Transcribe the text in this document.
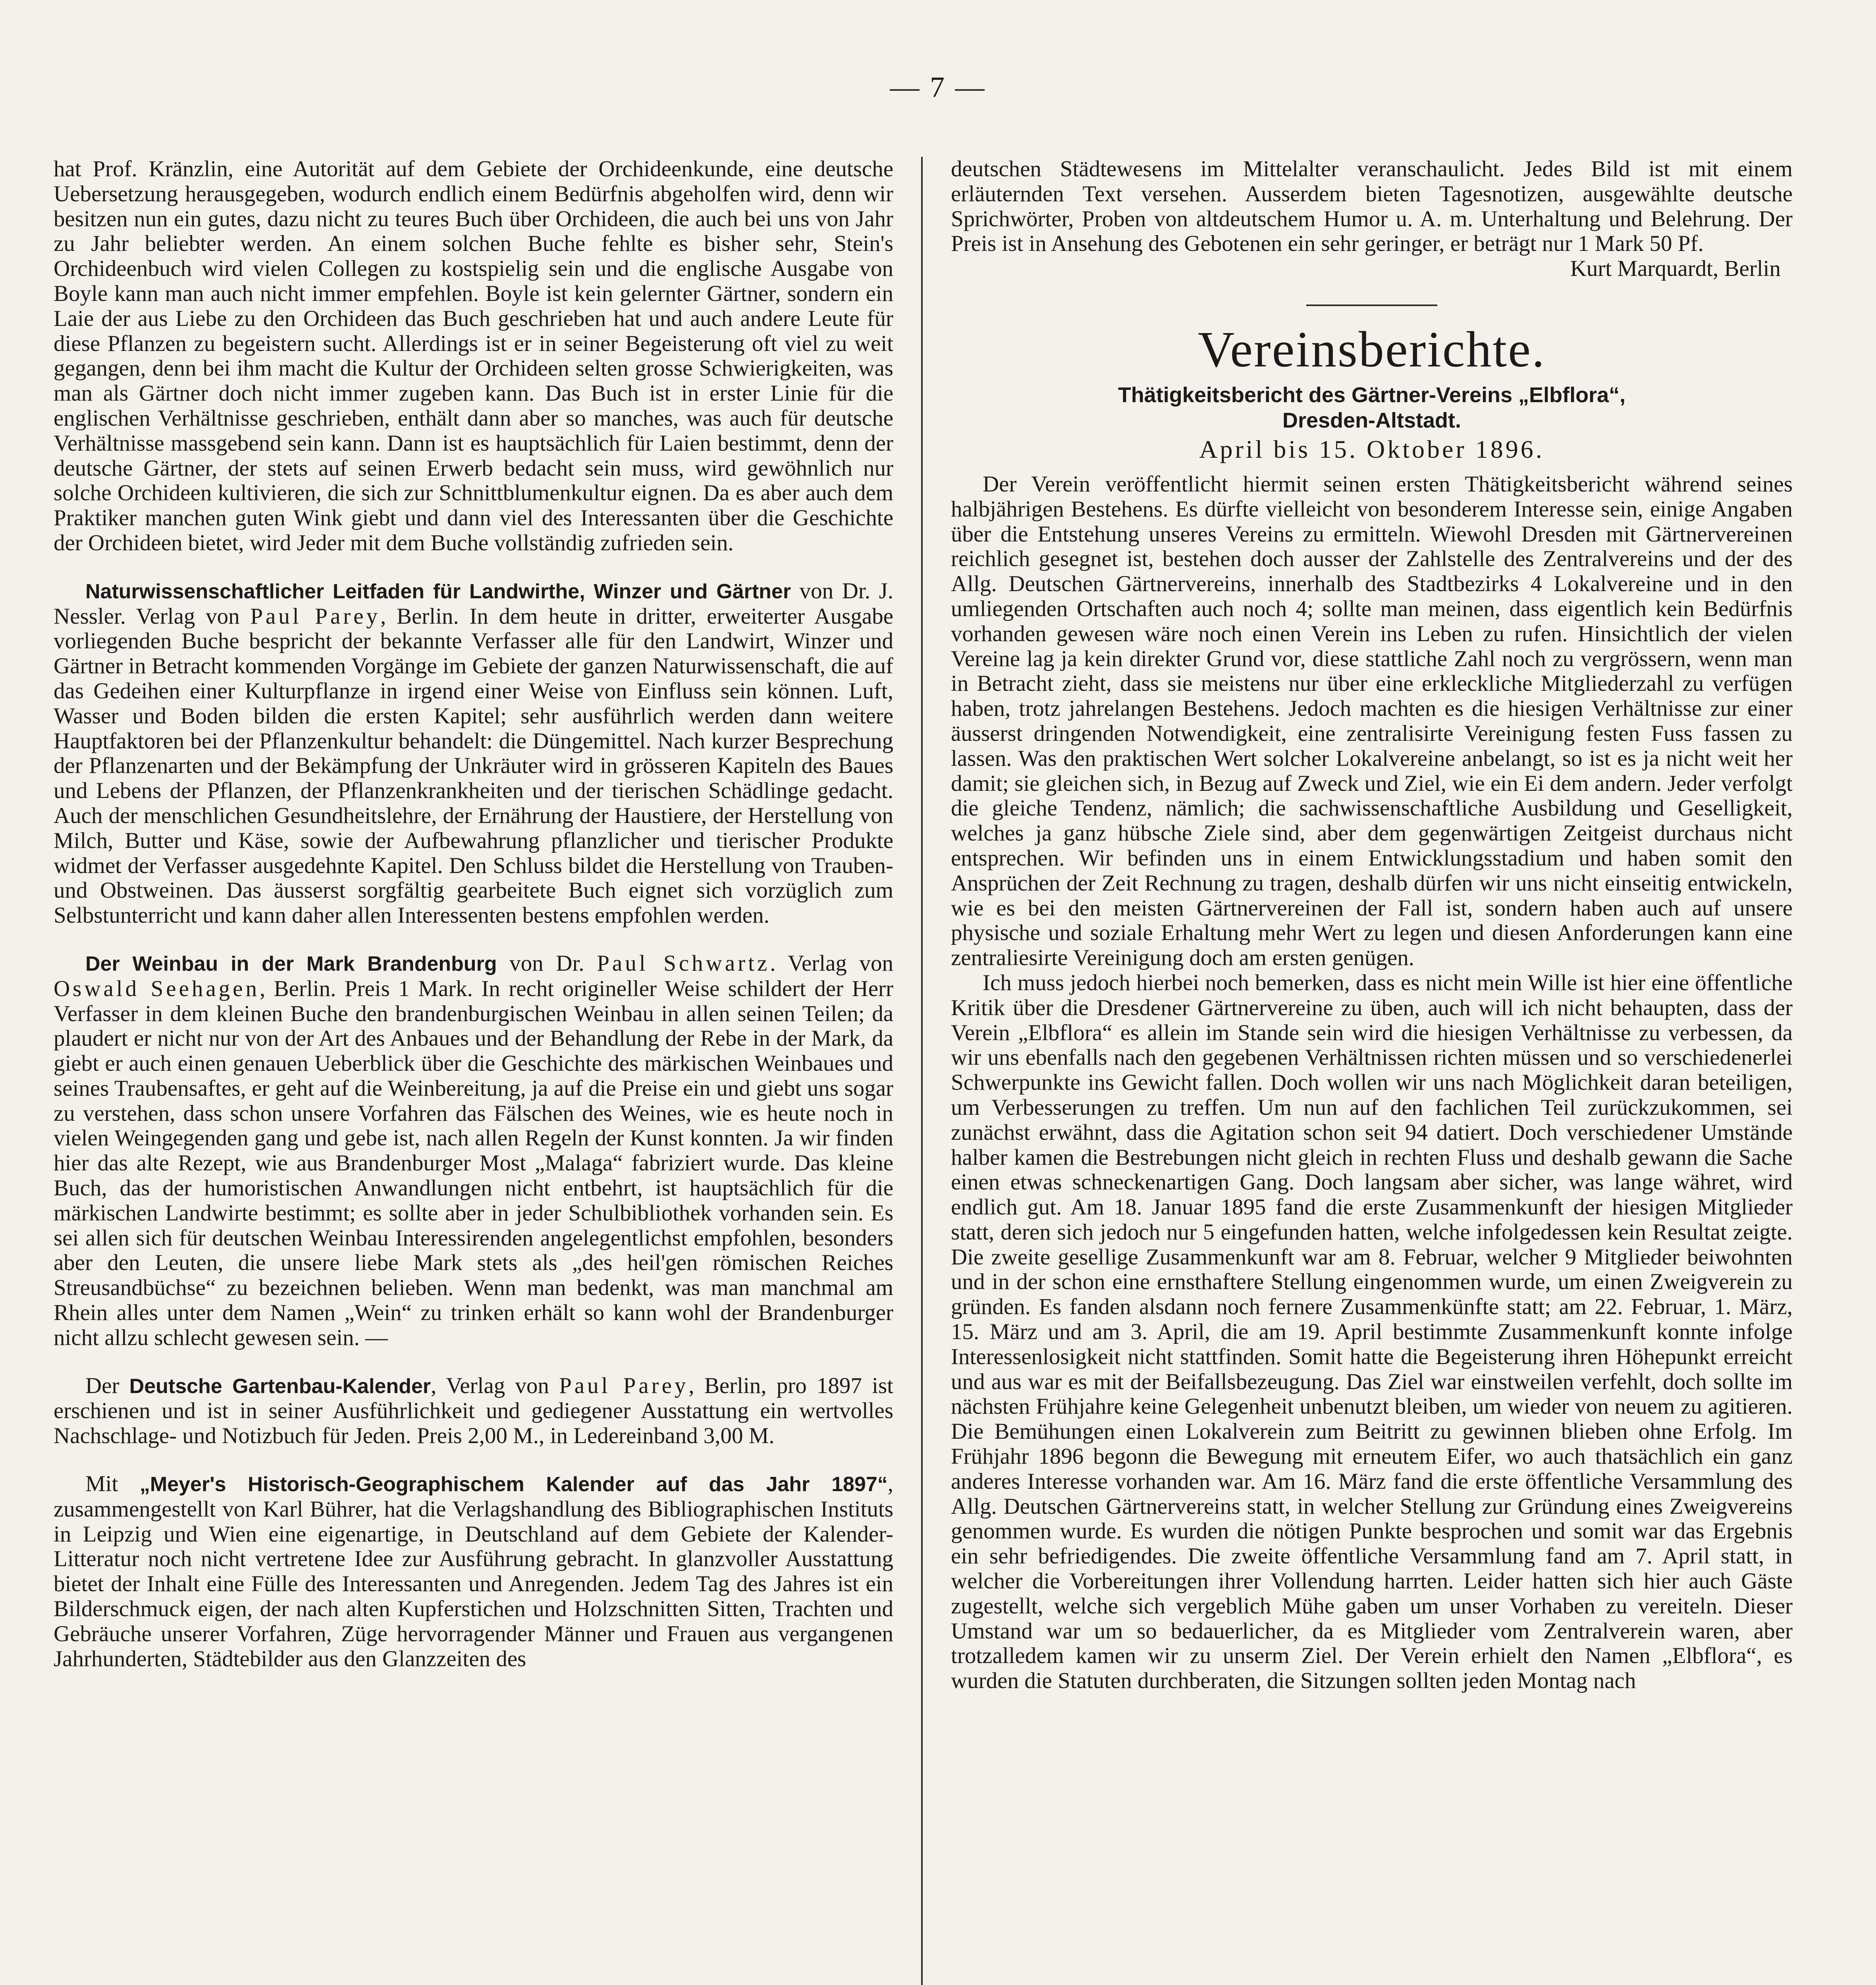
— 7 —

hat Prof. Kränzlin, eine Autorität auf dem Gebiete der Orchideenkunde, eine deutsche Uebersetzung herausgegeben, wodurch endlich einem Bedürfnis abgeholfen wird, denn wir besitzen nun ein gutes, dazu nicht zu teures Buch über Orchideen, die auch bei uns von Jahr zu Jahr beliebter werden. An einem solchen Buche fehlte es bisher sehr, Stein's Orchideenbuch wird vielen Collegen zu kostspielig sein und die englische Ausgabe von Boyle kann man auch nicht immer empfehlen. Boyle ist kein gelernter Gärtner, sondern ein Laie der aus Liebe zu den Orchideen das Buch geschrieben hat und auch andere Leute für diese Pflanzen zu begeistern sucht. Allerdings ist er in seiner Begeisterung oft viel zu weit gegangen, denn bei ihm macht die Kultur der Orchideen selten grosse Schwierigkeiten, was man als Gärtner doch nicht immer zugeben kann. Das Buch ist in erster Linie für die englischen Verhältnisse geschrieben, enthält dann aber so manches, was auch für deutsche Verhältnisse massgebend sein kann. Dann ist es hauptsächlich für Laien bestimmt, denn der deutsche Gärtner, der stets auf seinen Erwerb bedacht sein muss, wird gewöhnlich nur solche Orchideen kultivieren, die sich zur Schnittblumenkultur eignen. Da es aber auch dem Praktiker manchen guten Wink giebt und dann viel des Interessanten über die Geschichte der Orchideen bietet, wird Jeder mit dem Buche vollständig zufrieden sein.

Naturwissenschaftlicher Leitfaden für Landwirthe, Winzer und Gärtner von Dr. J. Nessler. Verlag von Paul Parey, Berlin. In dem heute in dritter, erweiterter Ausgabe vorliegenden Buche bespricht der bekannte Verfasser alle für den Landwirt, Winzer und Gärtner in Betracht kommenden Vorgänge im Gebiete der ganzen Naturwissenschaft, die auf das Gedeihen einer Kulturpflanze in irgend einer Weise von Einfluss sein können. Luft, Wasser und Boden bilden die ersten Kapitel; sehr ausführlich werden dann weitere Hauptfaktoren bei der Pflanzenkultur behandelt: die Düngemittel. Nach kurzer Besprechung der Pflanzenarten und der Bekämpfung der Unkräuter wird in grösseren Kapiteln des Baues und Lebens der Pflanzen, der Pflanzenkrankheiten und der tierischen Schädlinge gedacht. Auch der menschlichen Gesundheitslehre, der Ernährung der Haustiere, der Herstellung von Milch, Butter und Käse, sowie der Aufbewahrung pflanzlicher und tierischer Produkte widmet der Verfasser ausgedehnte Kapitel. Den Schluss bildet die Herstellung von Trauben- und Obstweinen. Das äusserst sorgfältig gearbeitete Buch eignet sich vorzüglich zum Selbstunterricht und kann daher allen Interessenten bestens empfohlen werden.

Der Weinbau in der Mark Brandenburg von Dr. Paul Schwartz. Verlag von Oswald Seehagen, Berlin. Preis 1 Mark. In recht origineller Weise schildert der Herr Verfasser in dem kleinen Buche den brandenburgischen Weinbau in allen seinen Teilen; da plaudert er nicht nur von der Art des Anbaues und der Behandlung der Rebe in der Mark, da giebt er auch einen genauen Ueberblick über die Geschichte des märkischen Weinbaues und seines Traubensaftes, er geht auf die Weinbereitung, ja auf die Preise ein und giebt uns sogar zu verstehen, dass schon unsere Vorfahren das Fälschen des Weines, wie es heute noch in vielen Weingegenden gang und gebe ist, nach allen Regeln der Kunst konnten. Ja wir finden hier das alte Rezept, wie aus Brandenburger Most „Malaga“ fabriziert wurde. Das kleine Buch, das der humoristischen Anwandlungen nicht entbehrt, ist hauptsächlich für die märkischen Landwirte bestimmt; es sollte aber in jeder Schulbibliothek vorhanden sein. Es sei allen sich für deutschen Weinbau Interessirenden angelegentlichst empfohlen, besonders aber den Leuten, die unsere liebe Mark stets als „des heil'gen römischen Reiches Streusandbüchse“ zu bezeichnen belieben. Wenn man bedenkt, was man manchmal am Rhein alles unter dem Namen „Wein“ zu trinken erhält so kann wohl der Brandenburger nicht allzu schlecht gewesen sein. —

Der Deutsche Gartenbau-Kalender, Verlag von Paul Parey, Berlin, pro 1897 ist erschienen und ist in seiner Ausführlichkeit und gediegener Ausstattung ein wertvolles Nachschlage- und Notizbuch für Jeden. Preis 2,00 M., in Ledereinband 3,00 M.

Mit „Meyer's Historisch-Geographischem Kalender auf das Jahr 1897“, zusammengestellt von Karl Bührer, hat die Verlagshandlung des Bibliographischen Instituts in Leipzig und Wien eine eigenartige, in Deutschland auf dem Gebiete der Kalender-Litteratur noch nicht vertretene Idee zur Ausführung gebracht. In glanzvoller Ausstattung bietet der Inhalt eine Fülle des Interessanten und Anregenden. Jedem Tag des Jahres ist ein Bilderschmuck eigen, der nach alten Kupferstichen und Holzschnitten Sitten, Trachten und Gebräuche unserer Vorfahren, Züge hervorragender Männer und Frauen aus vergangenen Jahrhunderten, Städtebilder aus den Glanzzeiten des

deutschen Städtewesens im Mittelalter veranschaulicht. Jedes Bild ist mit einem erläuternden Text versehen. Ausserdem bieten Tagesnotizen, ausgewählte deutsche Sprichwörter, Proben von altdeutschem Humor u. A. m. Unterhaltung und Belehrung. Der Preis ist in Ansehung des Gebotenen ein sehr geringer, er beträgt nur 1 Mark 50 Pf.

Kurt Marquardt, Berlin

Vereinsberichte.
Thätigkeitsbericht des Gärtner-Vereins „Elbflora“,
Dresden-Altstadt.
April bis 15. Oktober 1896.

Der Verein veröffentlicht hiermit seinen ersten Thätigkeitsbericht während seines halbjährigen Bestehens. Es dürfte vielleicht von besonderem Interesse sein, einige Angaben über die Entstehung unseres Vereins zu ermitteln. Wiewohl Dresden mit Gärtnervereinen reichlich gesegnet ist, bestehen doch ausser der Zahlstelle des Zentralvereins und der des Allg. Deutschen Gärtnervereins, innerhalb des Stadtbezirks 4 Lokalvereine und in den umliegenden Ortschaften auch noch 4; sollte man meinen, dass eigentlich kein Bedürfnis vorhanden gewesen wäre noch einen Verein ins Leben zu rufen. Hinsichtlich der vielen Vereine lag ja kein direkter Grund vor, diese stattliche Zahl noch zu vergrössern, wenn man in Betracht zieht, dass sie meistens nur über eine erkleckliche Mitgliederzahl zu verfügen haben, trotz jahrelangen Bestehens. Jedoch machten es die hiesigen Verhältnisse zur einer äusserst dringenden Notwendigkeit, eine zentralisirte Vereinigung festen Fuss fassen zu lassen. Was den praktischen Wert solcher Lokalvereine anbelangt, so ist es ja nicht weit her damit; sie gleichen sich, in Bezug auf Zweck und Ziel, wie ein Ei dem andern. Jeder verfolgt die gleiche Tendenz, nämlich; die sachwissenschaftliche Ausbildung und Geselligkeit, welches ja ganz hübsche Ziele sind, aber dem gegenwärtigen Zeitgeist durchaus nicht entsprechen. Wir befinden uns in einem Entwicklungsstadium und haben somit den Ansprüchen der Zeit Rechnung zu tragen, deshalb dürfen wir uns nicht einseitig entwickeln, wie es bei den meisten Gärtnervereinen der Fall ist, sondern haben auch auf unsere physische und soziale Erhaltung mehr Wert zu legen und diesen Anforderungen kann eine zentraliesirte Vereinigung doch am ersten genügen.

Ich muss jedoch hierbei noch bemerken, dass es nicht mein Wille ist hier eine öffentliche Kritik über die Dresdener Gärtnervereine zu üben, auch will ich nicht behaupten, dass der Verein „Elbflora“ es allein im Stande sein wird die hiesigen Verhältnisse zu verbessen, da wir uns ebenfalls nach den gegebenen Verhältnissen richten müssen und so verschiedenerlei Schwerpunkte ins Gewicht fallen. Doch wollen wir uns nach Möglichkeit daran beteiligen, um Verbesserungen zu treffen. Um nun auf den fachlichen Teil zurückzukommen, sei zunächst erwähnt, dass die Agitation schon seit 94 datiert. Doch verschiedener Umstände halber kamen die Bestrebungen nicht gleich in rechten Fluss und deshalb gewann die Sache einen etwas schneckenartigen Gang. Doch langsam aber sicher, was lange währet, wird endlich gut. Am 18. Januar 1895 fand die erste Zusammenkunft der hiesigen Mitglieder statt, deren sich jedoch nur 5 eingefunden hatten, welche infolgedessen kein Resultat zeigte. Die zweite gesellige Zusammenkunft war am 8. Februar, welcher 9 Mitglieder beiwohnten und in der schon eine ernsthaftere Stellung eingenommen wurde, um einen Zweigverein zu gründen. Es fanden alsdann noch fernere Zusammenkünfte statt; am 22. Februar, 1. März, 15. März und am 3. April, die am 19. April bestimmte Zusammenkunft konnte infolge Interessenlosigkeit nicht stattfinden. Somit hatte die Begeisterung ihren Höhepunkt erreicht und aus war es mit der Beifallsbezeugung. Das Ziel war einstweilen verfehlt, doch sollte im nächsten Frühjahre keine Gelegenheit unbenutzt bleiben, um wieder von neuem zu agitieren. Die Bemühungen einen Lokalverein zum Beitritt zu gewinnen blieben ohne Erfolg. Im Frühjahr 1896 begonn die Bewegung mit erneutem Eifer, wo auch thatsächlich ein ganz anderes Interesse vorhanden war. Am 16. März fand die erste öffentliche Versammlung des Allg. Deutschen Gärtnervereins statt, in welcher Stellung zur Gründung eines Zweigvereins genommen wurde. Es wurden die nötigen Punkte besprochen und somit war das Ergebnis ein sehr befriedigendes. Die zweite öffentliche Versammlung fand am 7. April statt, in welcher die Vorbereitungen ihrer Vollendung harrten. Leider hatten sich hier auch Gäste zugestellt, welche sich vergeblich Mühe gaben um unser Vorhaben zu vereiteln. Dieser Umstand war um so bedauerlicher, da es Mitglieder vom Zentralverein waren, aber trotzalledem kamen wir zu unserm Ziel. Der Verein erhielt den Namen „Elbflora“, es wurden die Statuten durchberaten, die Sitzungen sollten jeden Montag nach
